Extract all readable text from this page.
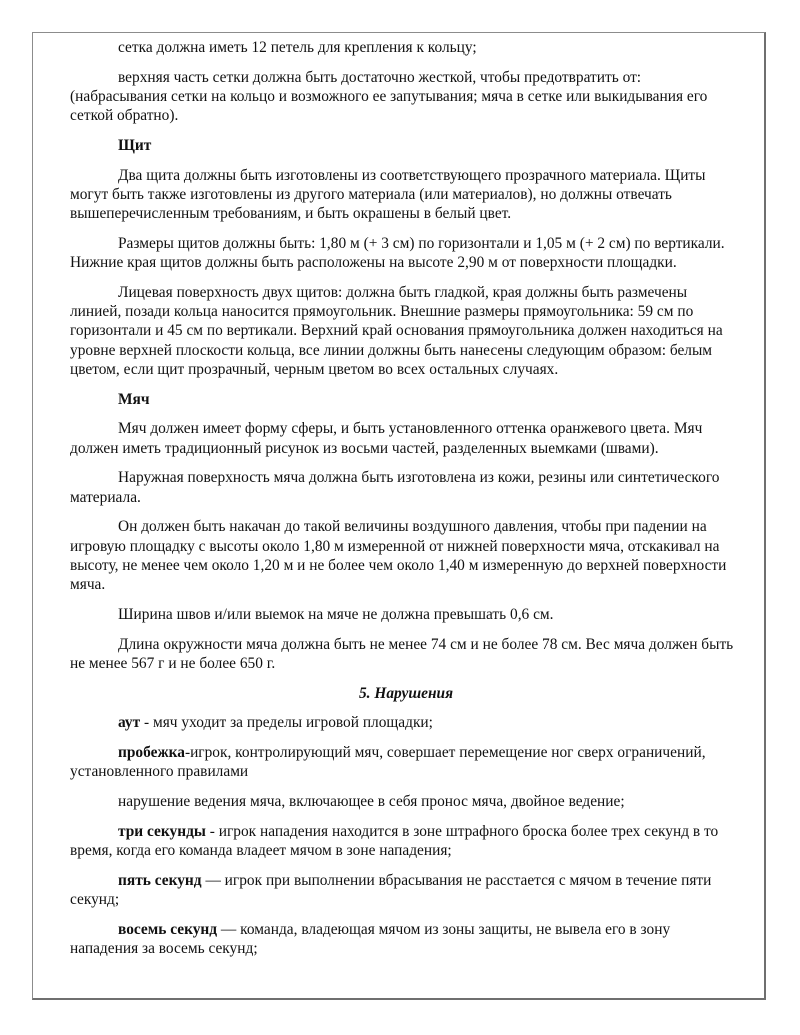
сетка должна иметь 12 петель для крепления к кольцу;

верхняя часть сетки должна быть достаточно жесткой, чтобы предотвратить от: (набрасывания сетки на кольцо и возможного ее запутывания; мяча в сетке или выкидывания его сеткой обратно).

Щит

Два щита должны быть изготовлены из соответствующего прозрачного материала. Щиты могут быть также изготовлены из другого материала (или материалов), но должны отвечать вышеперечисленным требованиям, и быть окрашены в белый цвет.

Размеры щитов должны быть: 1,80 м (+ 3 см) по горизонтали и 1,05 м (+ 2 см) по вертикали. Нижние края щитов должны быть расположены на высоте 2,90 м от поверхности площадки.

Лицевая поверхность двух щитов: должна быть гладкой, края должны быть размечены линией, позади кольца наносится прямоугольник. Внешние размеры прямоугольника: 59 см по горизонтали и 45 см по вертикали. Верхний край основания прямоугольника должен находиться на уровне верхней плоскости кольца, все линии должны быть нанесены следующим образом: белым цветом, если щит прозрачный, черным цветом во всех остальных случаях.

Мяч

Мяч должен имеет форму сферы, и быть установленного оттенка оранжевого цвета. Мяч должен иметь традиционный рисунок из восьми частей, разделенных выемками (швами).

Наружная поверхность мяча должна быть изготовлена из кожи, резины или синтетического материала.

Он должен быть накачан до такой величины воздушного давления, чтобы при падении на игровую площадку с высоты около 1,80 м измеренной от нижней поверхности мяча, отскакивал на высоту, не менее чем около 1,20 м и не более чем около 1,40 м измеренную до верхней поверхности мяча.

Ширина швов и/или выемок на мяче не должна превышать 0,6 см.

Длина окружности мяча должна быть не менее 74 см и не более 78 см. Вес мяча должен быть не менее 567 г и не более 650 г.

5. Нарушения

аут - мяч уходит за пределы игровой площадки;

пробежка-игрок, контролирующий мяч, совершает перемещение ног сверх ограничений, установленного правилами

нарушение ведения мяча, включающее в себя пронос мяча, двойное ведение;

три секунды - игрок нападения находится в зоне штрафного броска более трех секунд в то время, когда его команда владеет мячом в зоне нападения;

пять секунд — игрок при выполнении вбрасывания не расстается с мячом в течение пяти секунд;

восемь секунд — команда, владеющая мячом из зоны защиты, не вывела его в зону нападения за восемь секунд;
